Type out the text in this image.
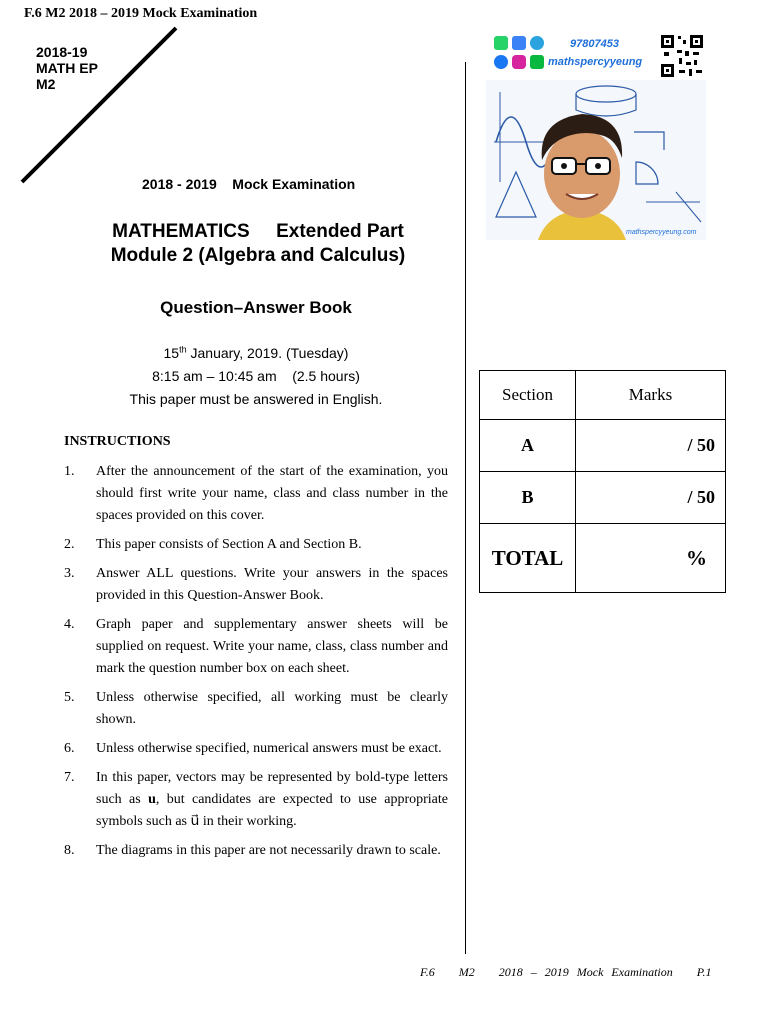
F.6 M2 2018 – 2019 Mock Examination
2018-19
MATH EP
M2
2018 - 2019    Mock Examination
MATHEMATICS     Extended Part
Module 2 (Algebra and Calculus)
Question–Answer Book
15th January, 2019. (Tuesday)
8:15 am – 10:45 am    (2.5 hours)
This paper must be answered in English.
INSTRUCTIONS
1.	After the announcement of the start of the examination, you should first write your name, class and class number in the spaces provided on this cover.
2.	This paper consists of Section A and Section B.
3.	Answer ALL questions. Write your answers in the spaces provided in this Question-Answer Book.
4.	Graph paper and supplementary answer sheets will be supplied on request. Write your name, class, class number and mark the question number box on each sheet.
5.	Unless otherwise specified, all working must be clearly shown.
6.	Unless otherwise specified, numerical answers must be exact.
7.	In this paper, vectors may be represented by bold-type letters such as u, but candidates are expected to use appropriate symbols such as u⃗ in their working.
8.	The diagrams in this paper are not necessarily drawn to scale.
97807453
mathspercyyeung
mathspercyyeung.com
Section	Marks
A	/ 50
B	/ 50
TOTAL	%
F.6   M2   2018 – 2019 Mock Examination   P.1
